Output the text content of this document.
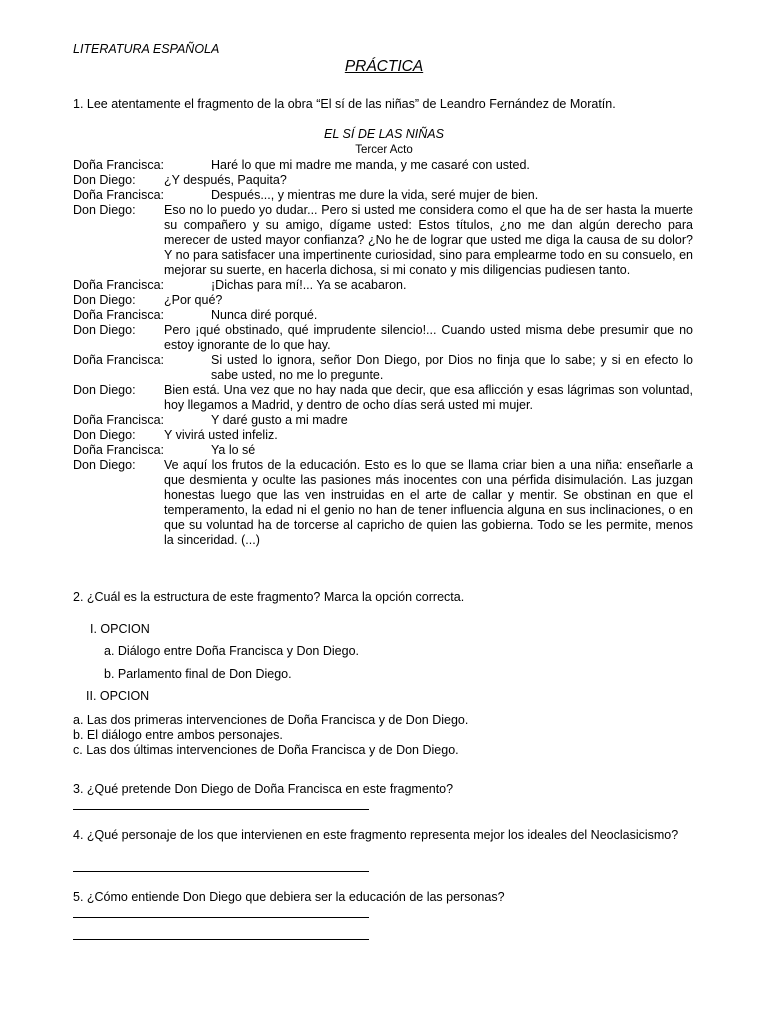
LITERATURA ESPAÑOLA
PRÁCTICA
1. Lee atentamente el fragmento de la obra “El sí de las niñas” de Leandro Fernández de Moratín.
EL SÍ DE LAS NIÑAS
Tercer Acto
Doña Francisca:	Haré lo que mi madre me manda, y me casaré con usted.
Don Diego: ¿Y después, Paquita?
Doña Francisca:	Después..., y mientras me dure la vida, seré mujer de bien.
Don Diego: Eso no lo puedo yo dudar... Pero si usted me considera como el que ha de ser hasta la muerte su compañero y su amigo, dígame usted: Estos títulos, ¿no me dan algún derecho para merecer de usted mayor confianza? ¿No he de lograr que usted me diga la causa de su dolor? Y no para satisfacer una impertinente curiosidad, sino para emplearme todo en su consuelo, en mejorar su suerte, en hacerla dichosa, si mi conato y mis diligencias pudiesen tanto.
Doña Francisca:	¡Dichas para mí!... Ya se acabaron.
Don Diego: ¿Por qué?
Doña Francisca:	Nunca diré porqué.
Don Diego: Pero ¡qué obstinado, qué imprudente silencio!... Cuando usted misma debe presumir que no estoy ignorante de lo que hay.
Doña Francisca:	Si usted lo ignora, señor Don Diego, por Dios no finja que lo sabe; y si en efecto lo sabe usted, no me lo pregunte.
Don Diego: Bien está. Una vez que no hay nada que decir, que esa aflicción y esas lágrimas son voluntad, hoy llegamos a Madrid, y dentro de ocho días será usted mi mujer.
Doña Francisca:	Y daré gusto a mi madre
Don Diego: Y vivirá usted infeliz.
Doña Francisca:	Ya lo sé
Don Diego: Ve aquí los frutos de la educación. Esto es lo que se llama criar bien a una niña: enseñarle a que desmienta y oculte las pasiones más inocentes con una pérfida disimulación. Las juzgan honestas luego que las ven instruidas en el arte de callar y mentir. Se obstinan en que el temperamento, la edad ni el genio no han de tener influencia alguna en sus inclinaciones, o en que su voluntad ha de torcerse al capricho de quien las gobierna. Todo se les permite, menos la sinceridad. (...)
2. ¿Cuál es la estructura de este fragmento? Marca la opción correcta.
I. OPCION
a. Diálogo entre Doña Francisca y Don Diego.
b. Parlamento final de Don Diego.
II. OPCION
a. Las dos primeras intervenciones de Doña Francisca y de Don Diego.
b. El diálogo entre ambos personajes.
c. Las dos últimas intervenciones de Doña Francisca y de Don Diego.
3. ¿Qué pretende Don Diego de Doña Francisca en este fragmento?
4. ¿Qué personaje de los que intervienen en este fragmento representa mejor los ideales del Neoclasicismo?
5. ¿Cómo entiende Don Diego que debiera ser la educación de las personas?
